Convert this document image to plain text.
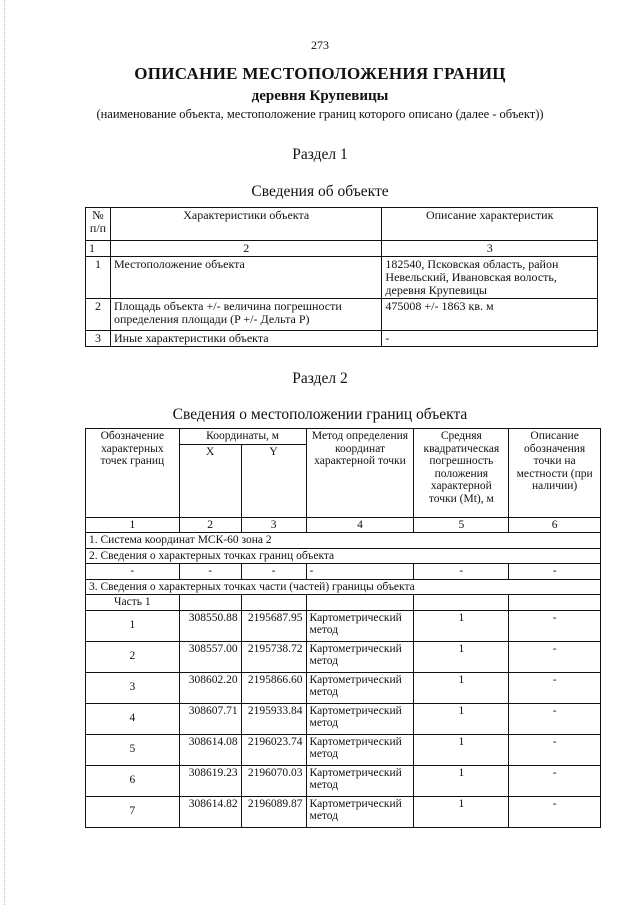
273
ОПИСАНИЕ МЕСТОПОЛОЖЕНИЯ ГРАНИЦ
деревня Крупевицы
(наименование объекта, местоположение границ которого описано (далее - объект))
Раздел 1
Сведения об объекте
№ п/п	Характеристики объекта	Описание характеристик
1	2	3
1	Местоположение объекта	182540, Псковская область, район Невельский, Ивановская волость, деревня Крупевицы
2	Площадь объекта +/- величина погрешности определения площади (P +/- Дельта P)	475008 +/- 1863 кв. м
3	Иные характеристики объекта	-
Раздел 2
Сведения о местоположении границ объекта
Обозначение характерных точек границ	Координаты, м		Метод определения координат характерной точки	Средняя квадратическая погрешность положения характерной точки (Mt), м	Описание обозначения точки на местности (при наличии)
	X	Y			
1	2	3	4	5	6
1. Система координат МСК-60 зона 2					
2. Сведения о характерных точках границ объекта					
-	-	-	-	-	-
3. Сведения о характерных точках части (частей) границы объекта					
Часть 1					
1	308550.88	2195687.95	Картометрический метод	1	-
2	308557.00	2195738.72	Картометрический метод	1	-
3	308602.20	2195866.60	Картометрический метод	1	-
4	308607.71	2195933.84	Картометрический метод	1	-
5	308614.08	2196023.74	Картометрический метод	1	-
6	308619.23	2196070.03	Картометрический метод	1	-
7	308614.82	2196089.87	Картометрический метод	1	-
